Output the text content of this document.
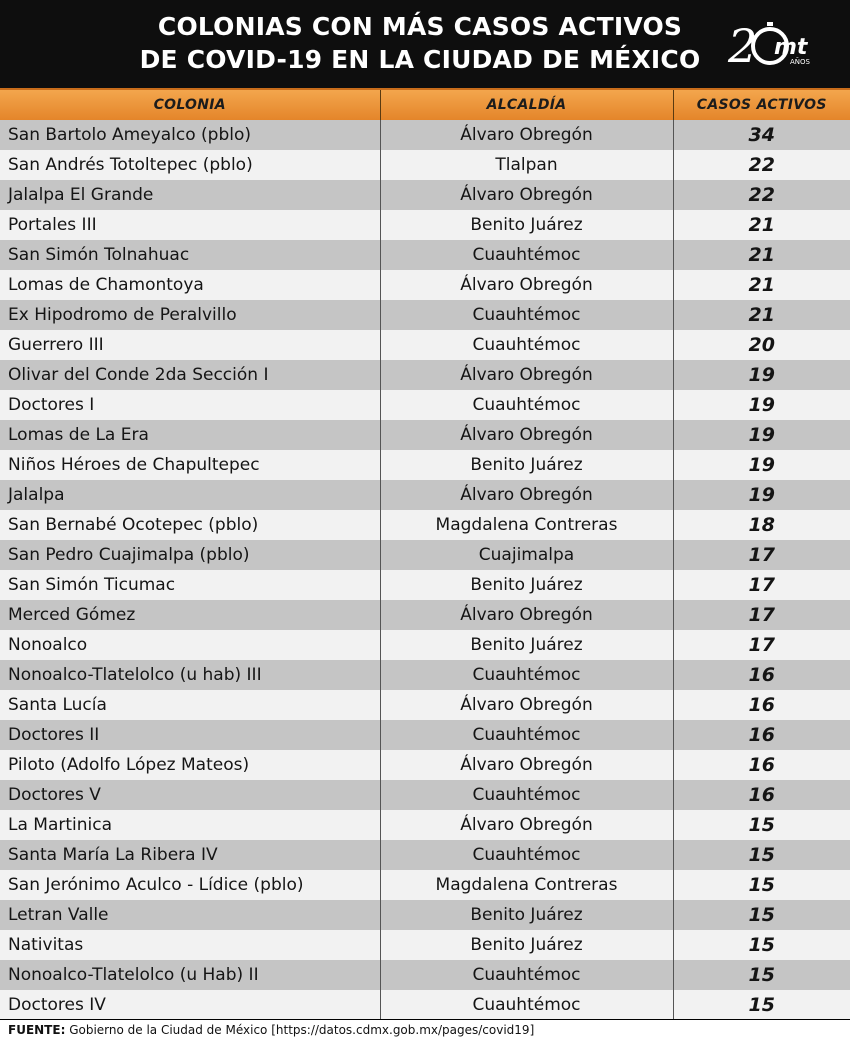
COLONIAS CON MÁS CASOS ACTIVOS
DE COVID-19 EN LA CIUDAD DE MÉXICO 2 mt
AÑOS
COLONIA	ALCALDÍA	CASOS ACTIVOS
San Bartolo Ameyalco (pblo)	Álvaro Obregón	34
San Andrés Totoltepec (pblo)	Tlalpan	22
Jalalpa El Grande	Álvaro Obregón	22
Portales III	Benito Juárez	21
San Simón Tolnahuac	Cuauhtémoc	21
Lomas de Chamontoya	Álvaro Obregón	21
Ex Hipodromo de Peralvillo	Cuauhtémoc	21
Guerrero III	Cuauhtémoc	20
Olivar del Conde 2da Sección I	Álvaro Obregón	19
Doctores I	Cuauhtémoc	19
Lomas de La Era	Álvaro Obregón	19
Niños Héroes de Chapultepec	Benito Juárez	19
Jalalpa	Álvaro Obregón	19
San Bernabé Ocotepec (pblo)	Magdalena Contreras	18
San Pedro Cuajimalpa (pblo)	Cuajimalpa	17
San Simón Ticumac	Benito Juárez	17
Merced Gómez	Álvaro Obregón	17
Nonoalco	Benito Juárez	17
Nonoalco-Tlatelolco (u hab) III	Cuauhtémoc	16
Santa Lucía	Álvaro Obregón	16
Doctores II	Cuauhtémoc	16
Piloto (Adolfo López Mateos)	Álvaro Obregón	16
Doctores V	Cuauhtémoc	16
La Martinica	Álvaro Obregón	15
Santa María La Ribera IV	Cuauhtémoc	15
San Jerónimo Aculco - Lídice (pblo)	Magdalena Contreras	15
Letran Valle	Benito Juárez	15
Nativitas	Benito Juárez	15
Nonoalco-Tlatelolco (u Hab) II	Cuauhtémoc	15
Doctores IV	Cuauhtémoc	15
FUENTE: Gobierno de la Ciudad de México [https://datos.cdmx.gob.mx/pages/covid19]
